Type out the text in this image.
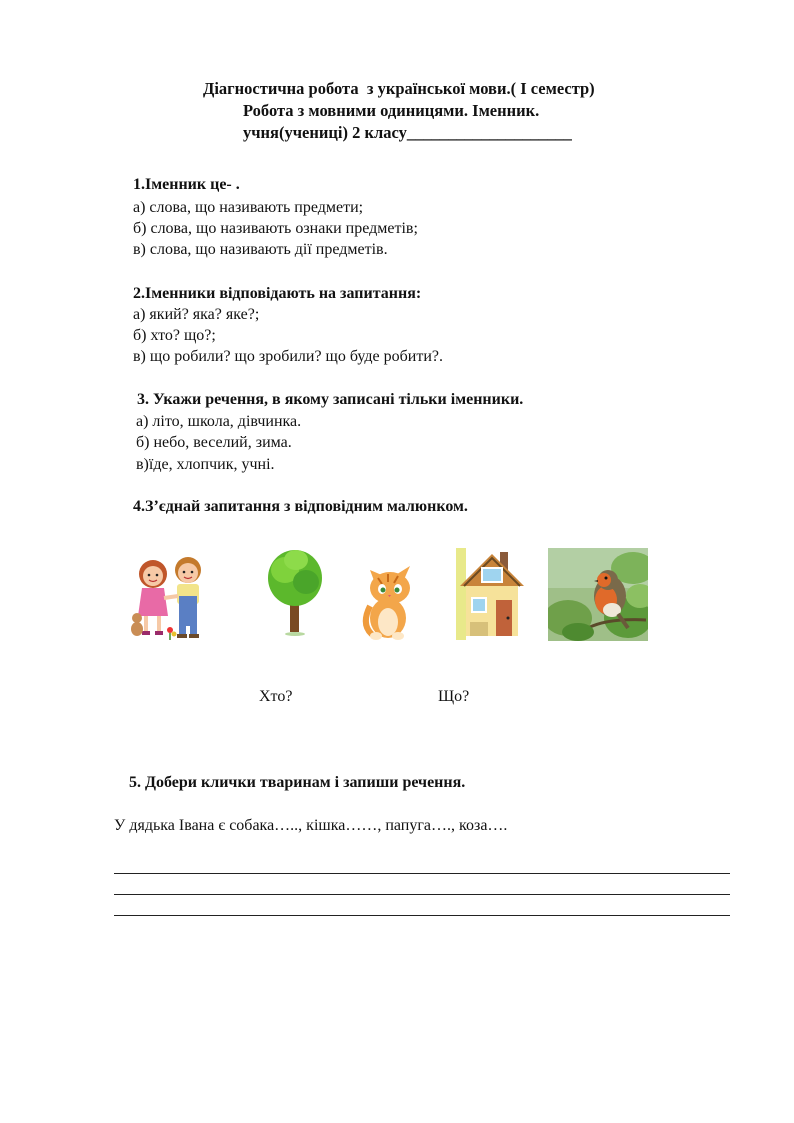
Діагностична робота  з української мови.( І семестр)
Робота з мовними одиницями. Іменник.
учня(учениці) 2 класу____________________
1.Іменник це- .
а) слова, що називають предмети;
б) слова, що називають ознаки предметів;
в) слова, що називають дії предметів.
2.Іменники відповідають на запитання:
а) який? яка? яке?;
б) хто? що?;
в) що робили? що зробили? що буде робити?.
3. Укажи речення, в якому записані тільки іменники.
а) літо, школа, дівчинка.
б) небо, веселий, зима.
в)їде, хлопчик, учні.
4.З’єднай запитання з відповідним малюнком.
Хто?	Що?
5. Добери клички тваринам і запиши речення.
У дядька Івана є собака….., кішка……, папуга…., коза….
